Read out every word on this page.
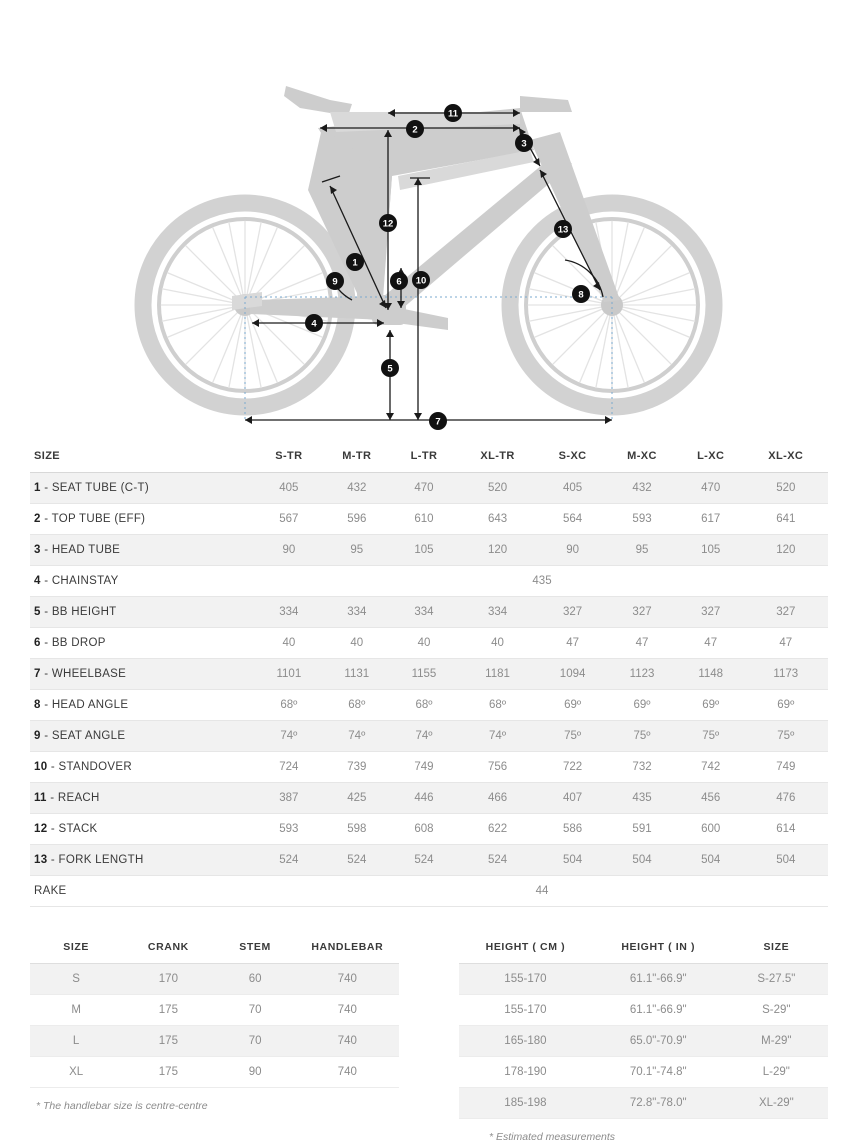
1
2
3
4
5
6
7
8
9	10
11
12
13
SIZE	S-TR	M-TR	L-TR	XL-TR	S-XC	M-XC	L-XC	XL-XC
1 - SEAT TUBE (C-T)	405	432	470	520	405	432	470	520
2 - TOP TUBE (EFF)	567	596	610	643	564	593	617	641
3 - HEAD TUBE	90	95	105	120	90	95	105	120
4 - CHAINSTAY	435							
5 - BB HEIGHT	334	334	334	334	327	327	327	327
6 - BB DROP	40	40	40	40	47	47	47	47
7 - WHEELBASE	1101	1131	1155	1181	1094	1123	1148	1173
8 - HEAD ANGLE	68º	68º	68º	68º	69º	69º	69º	69º
9 - SEAT ANGLE	74º	74º	74º	74º	75º	75º	75º	75º
10 - STANDOVER	724	739	749	756	722	732	742	749
11 - REACH	387	425	446	466	407	435	456	476
12 - STACK	593	598	608	622	586	591	600	614
13 - FORK LENGTH	524	524	524	524	504	504	504	504
RAKE	44							
SIZE	CRANK	STEM	HANDLEBAR
S	170	60	740
M	175	70	740
L	175	70	740
XL	175	90	740
* The handlebar size is centre-centre
HEIGHT ( CM )	HEIGHT ( IN )	SIZE
155-170	61.1"-66.9"	S-27.5"
155-170	61.1"-66.9"	S-29"
165-180	65.0"-70.9"	M-29"
178-190	70.1"-74.8"	L-29"
185-198	72.8"-78.0"	XL-29"
* Estimated measurements
